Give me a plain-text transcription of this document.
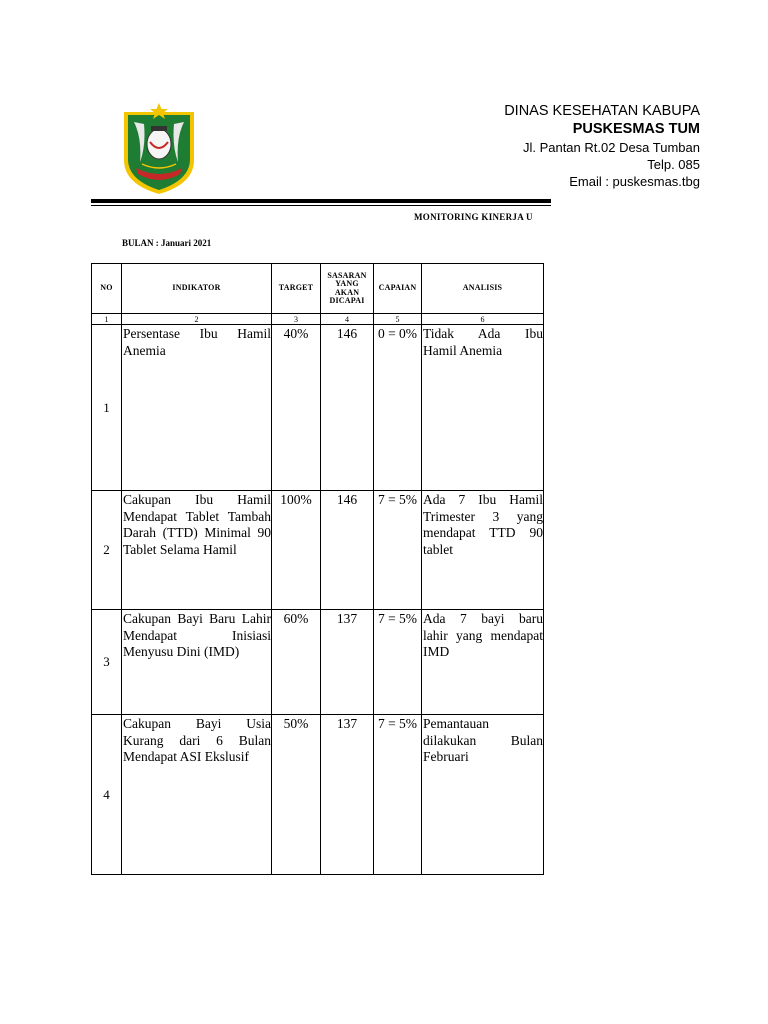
DINAS KESEHATAN KABUPA
PUSKESMAS TUM
Jl. Pantan Rt.02 Desa Tumban
Telp. 085
Email : puskesmas.tbg
MONITORING KINERJA U
BULAN : Januari 2021
NO	INDIKATOR	TARGET	SASARAN
YANG
AKAN
DICAPAI	CAPAIAN	ANALISIS
1	2	3	4	5	6
1	Persentase Ibu Hamil Anemia	40%	146	0 = 0%	Tidak Ada Ibu
Hamil Anemia

2	Cakupan Ibu Hamil Mendapat Tablet Tambah Darah (TTD) Minimal 90 Tablet Selama Hamil	100%	146	7 = 5%	Ada 7 Ibu Hamil
Trimester 3 yang
mendapat TTD 90
tablet

3	Cakupan Bayi Baru Lahir Mendapat Inisiasi Menyusu Dini (IMD)	60%	137	7 = 5%	Ada 7 bayi baru
lahir yang mendapat
IMD

4	Cakupan Bayi Usia Kurang dari 6 Bulan Mendapat ASI Ekslusif	50%	137	7 = 5%	Pemantauan
dilakukan Bulan
Februari
